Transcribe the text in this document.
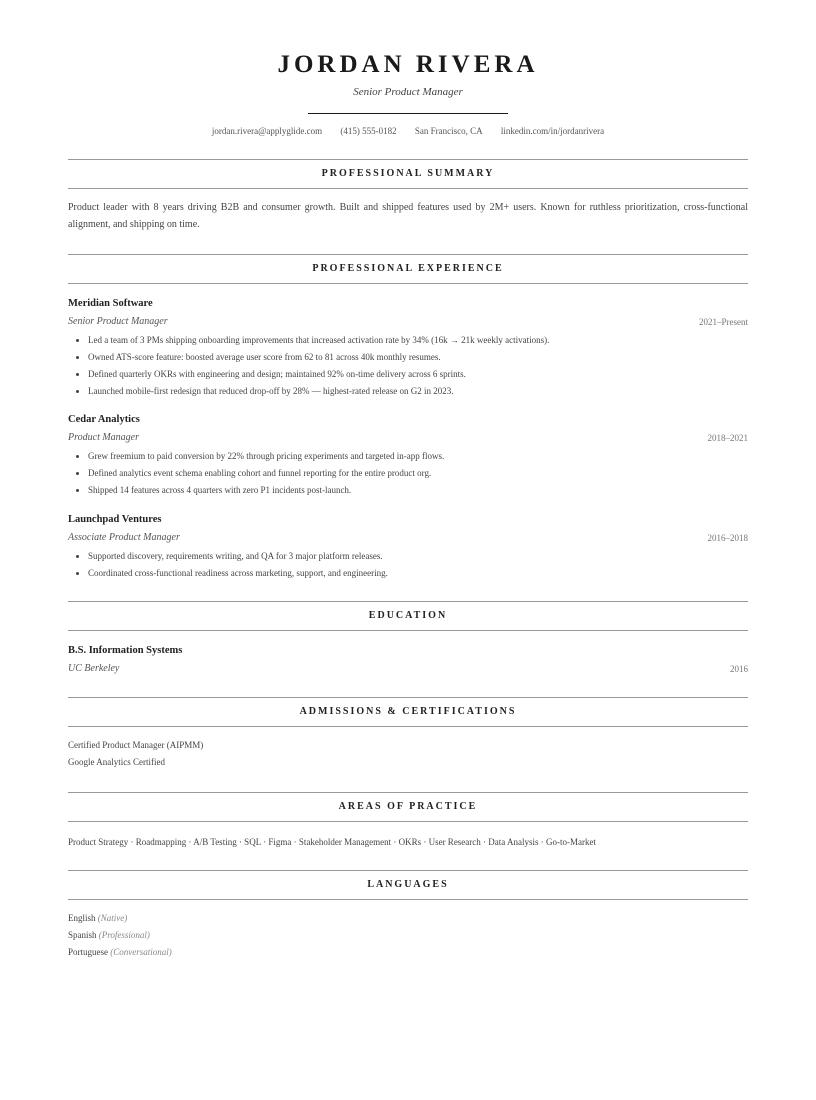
JORDAN RIVERA
Senior Product Manager
jordan.rivera@applyglide.com (415) 555-0182 San Francisco, CA linkedin.com/in/jordanrivera
PROFESSIONAL SUMMARY
Product leader with 8 years driving B2B and consumer growth. Built and shipped features used by 2M+ users. Known for ruthless prioritization, cross-functional alignment, and shipping on time.
PROFESSIONAL EXPERIENCE
Meridian Software
Senior Product Manager	2021–Present
• Led a team of 3 PMs shipping onboarding improvements that increased activation rate by 34% (16k → 21k weekly activations).
• Owned ATS-score feature: boosted average user score from 62 to 81 across 40k monthly resumes.
• Defined quarterly OKRs with engineering and design; maintained 92% on-time delivery across 6 sprints.
• Launched mobile-first redesign that reduced drop-off by 28% — highest-rated release on G2 in 2023.
Cedar Analytics
Product Manager	2018–2021
• Grew freemium to paid conversion by 22% through pricing experiments and targeted in-app flows.
• Defined analytics event schema enabling cohort and funnel reporting for the entire product org.
• Shipped 14 features across 4 quarters with zero P1 incidents post-launch.
Launchpad Ventures
Associate Product Manager	2016–2018
• Supported discovery, requirements writing, and QA for 3 major platform releases.
• Coordinated cross-functional readiness across marketing, support, and engineering.
EDUCATION
B.S. Information Systems
UC Berkeley	2016
ADMISSIONS & CERTIFICATIONS
Certified Product Manager (AIPMM)
Google Analytics Certified
AREAS OF PRACTICE
Product Strategy · Roadmapping · A/B Testing · SQL · Figma · Stakeholder Management · OKRs · User Research · Data Analysis · Go-to-Market
LANGUAGES
English (Native)
Spanish (Professional)
Portuguese (Conversational)
